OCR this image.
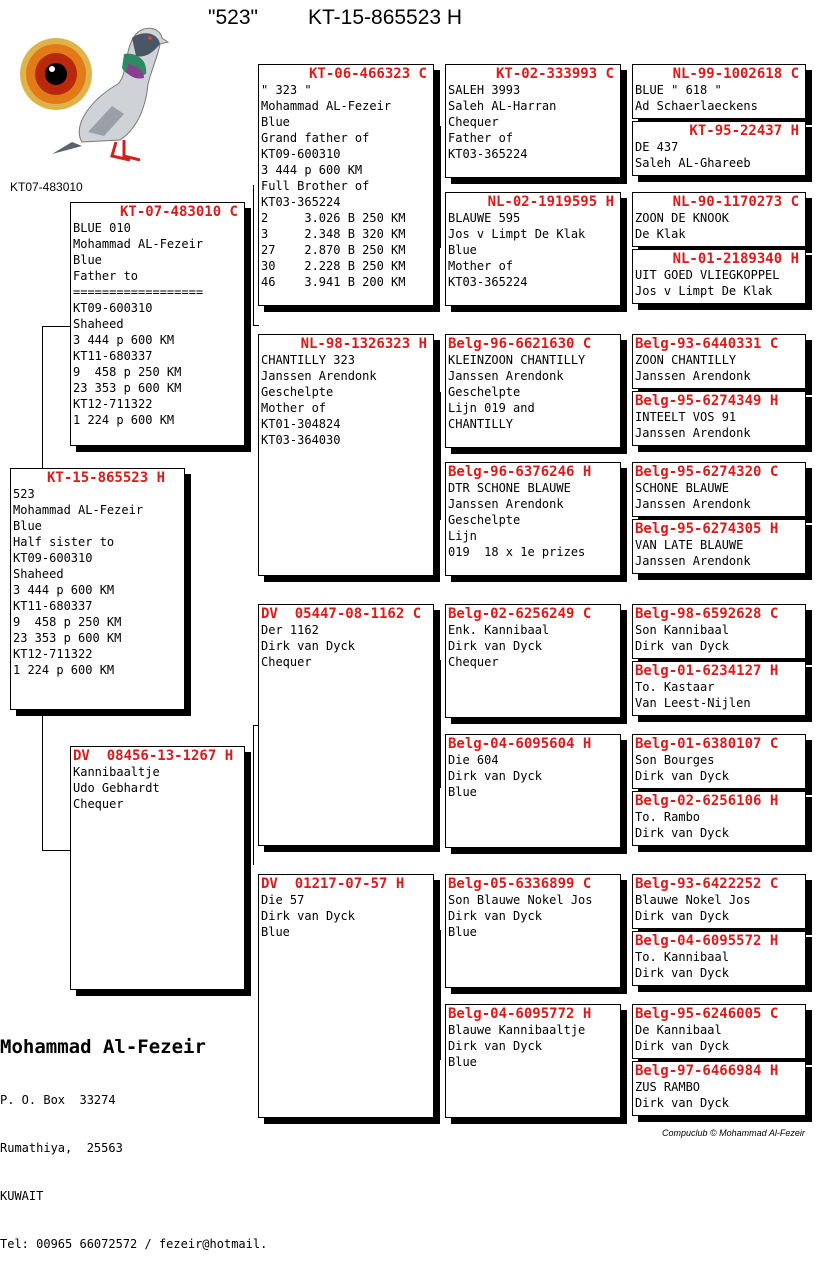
"523" KT-15-865523 H
KT07-483010
KT-15-865523 H
523
Mohammad AL-Fezeir
Blue
Half sister to
KT09-600310
Shaheed
3 444 p 600 KM
KT11-680337
9  458 p 250 KM
23 353 p 600 KM
KT12-711322
1 224 p 600 KM
KT-07-483010 C
BLUE 010
Mohammad AL-Fezeir
Blue
Father to
==================
KT09-600310
Shaheed
3 444 p 600 KM
KT11-680337
9  458 p 250 KM
23 353 p 600 KM
KT12-711322
1 224 p 600 KM
DV  08456-13-1267 H
Kannibaaltje
Udo Gebhardt
Chequer
KT-06-466323 C
" 323 "
Mohammad AL-Fezeir
Blue
Grand father of
KT09-600310
3 444 p 600 KM
Full Brother of
KT03-365224
2     3.026 B 250 KM
3     2.348 B 320 KM
27    2.870 B 250 KM
30    2.228 B 250 KM
46    3.941 B 200 KM
NL-98-1326323 H
CHANTILLY 323
Janssen Arendonk
Geschelpte
Mother of
KT01-304824
KT03-364030
DV  05447-08-1162 C
Der 1162
Dirk van Dyck
Chequer
DV  01217-07-57 H
Die 57
Dirk van Dyck
Blue
KT-02-333993 C
SALEH 3993
Saleh AL-Harran
Chequer
Father of
KT03-365224
NL-02-1919595 H
BLAUWE 595
Jos v Limpt De Klak
Blue
Mother of
KT03-365224
Belg-96-6621630 C
KLEINZOON CHANTILLY
Janssen Arendonk
Geschelpte
Lijn 019 and
CHANTILLY
Belg-96-6376246 H
DTR SCHONE BLAUWE
Janssen Arendonk
Geschelpte
Lijn
019  18 x 1e prizes
Belg-02-6256249 C
Enk. Kannibaal
Dirk van Dyck
Chequer
Belg-04-6095604 H
Die 604
Dirk van Dyck
Blue
Belg-05-6336899 C
Son Blauwe Nokel Jos
Dirk van Dyck
Blue
Belg-04-6095772 H
Blauwe Kannibaaltje
Dirk van Dyck
Blue
NL-99-1002618 C
BLUE " 618 "
Ad Schaerlaeckens
KT-95-22437 H
DE 437
Saleh AL-Ghareeb
NL-90-1170273 C
ZOON DE KNOOK
De Klak
NL-01-2189340 H
UIT GOED VLIEGKOPPEL
Jos v Limpt De Klak
Belg-93-6440331 C
ZOON CHANTILLY
Janssen Arendonk
Belg-95-6274349 H
INTEELT VOS 91
Janssen Arendonk
Belg-95-6274320 C
SCHONE BLAUWE
Janssen Arendonk
Belg-95-6274305 H
VAN LATE BLAUWE
Janssen Arendonk
Belg-98-6592628 C
Son Kannibaal
Dirk van Dyck
Belg-01-6234127 H
To. Kastaar
Van Leest-Nijlen
Belg-01-6380107 C
Son Bourges
Dirk van Dyck
Belg-02-6256106 H
To. Rambo
Dirk van Dyck
Belg-93-6422252 C
Blauwe Nokel Jos
Dirk van Dyck
Belg-04-6095572 H
To. Kannibaal
Dirk van Dyck
Belg-95-6246005 C
De Kannibaal
Dirk van Dyck
Belg-97-6466984 H
ZUS RAMBO
Dirk van Dyck
Mohammad Al-Fezeir

P. O. Box  33274

Rumathiya,  25563

KUWAIT

Tel: 00965 66072572 / fezeir@hotmail.

Compuclub © Mohammad Al-Fezeir
